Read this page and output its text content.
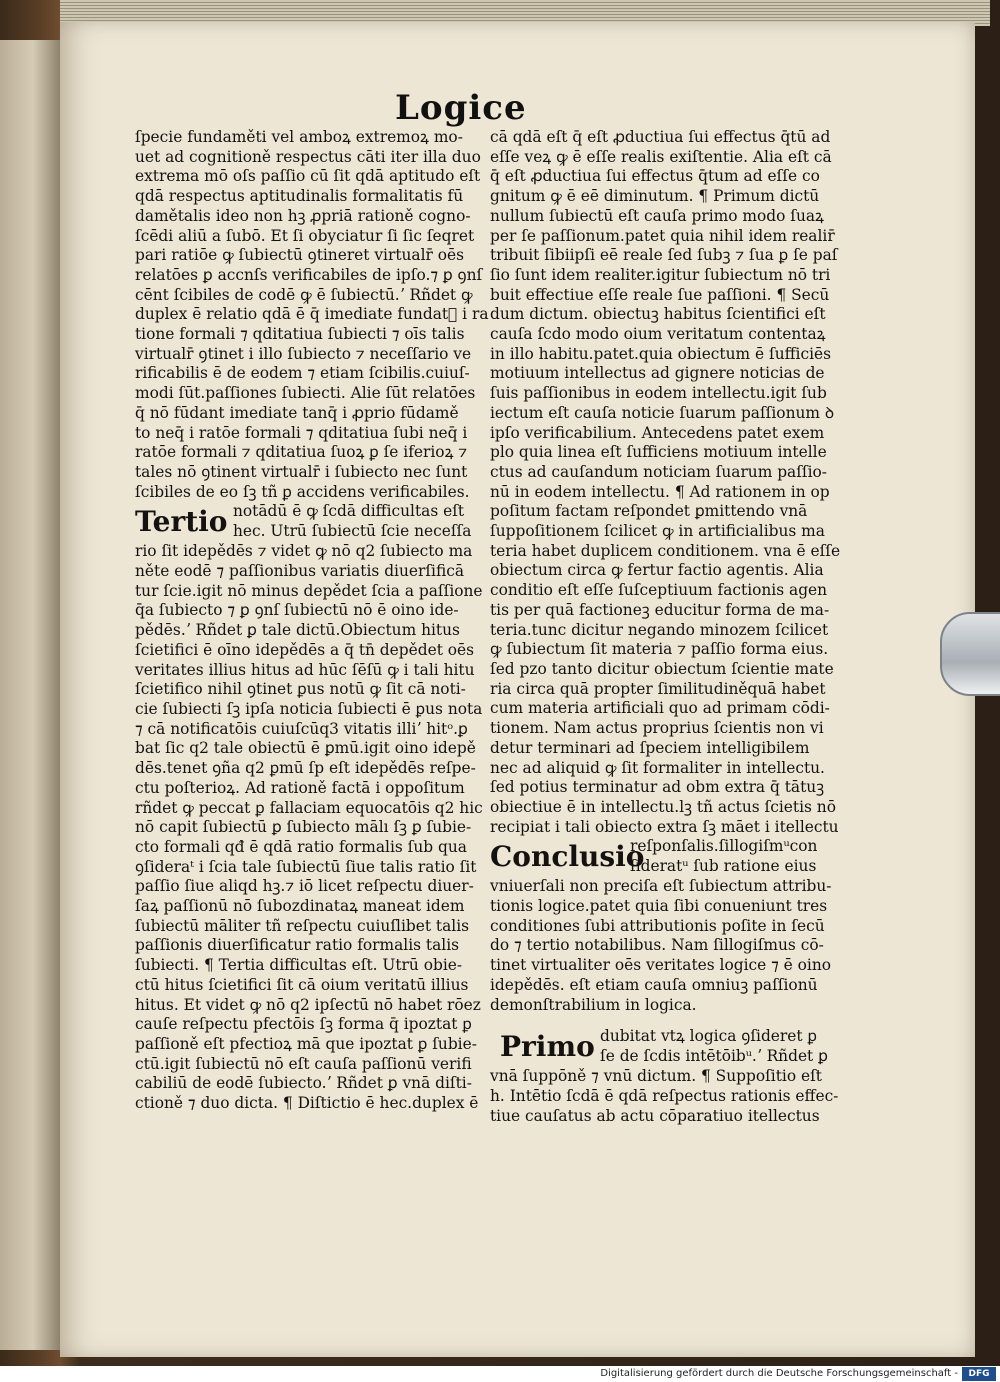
Logice

ſpecie fundaměti vel amboꝝ extremoꝝ mo-

uet ad cognitioně respectus cāti iter illa duo

extrema mō oſs paſſio cū ſit qdā aptitudo eſt

qdā respectus aptitudinalis formalitatis fū

damětalis ideo non hꝫ ꝓpriā rationě cogno-

ſcēdi aliū a ſubō. Et ſi obyciatur ſi ſic ſeqret

pari ratiōe ꝙ ſubiectū ꝯtineret virtualr̄ oēs

relatōes ꝑ accnſs verificabiles de ipſo.⁊ ꝑ ꝯnſ

cēnt ſcibiles de codē ꝙ ē ſubiectū.ʼ Rñdet ꝙ

duplex ē relatio qdā ē q̄ imediate fundatᷓ i ra

tione formali ⁊ qditatiua ſubiecti ⁊ oīs talis

virtualr̄ ꝯtinet i illo ſubiecto ⁊ neceſſario ve

rificabilis ē de eodem ⁊ etiam ſcibilis.cuiuſ-

modi ſūt.paſſiones ſubiecti. Alie ſūt relatōes

q̄ nō fūdant imediate tanq̄ i ꝓprio fūdamě

to neq̄ i ratōe formali ⁊ qditatiua ſubi neq̄ i

ratōe formali ⁊ qditatiua ſuoꝝ ꝑ ſe iferioꝝ ⁊

tales nō ꝯtinent virtualr̄ i ſubiecto nec ſunt

ſcibiles de eo ſꝫ tñ ꝑ accidens verificabiles.

Tertio notādū ē ꝙ ſcdā difficultas eſt

hec. Utrū ſubiectū ſcie neceſſa

rio ſit idepědēs ⁊ videt ꝙ nō q2 ſubiecto ma

něte eodē ⁊ paſſionibus variatis diuerſificā

tur ſcie.igit nō minus depědet ſcia a paſſione

q̄a ſubiecto ⁊ ꝑ ꝯnſ ſubiectū nō ē oino ide-

pědēs.ʼ Rñdet ꝑ tale dictū.Obiectum hitus

ſcietifici ē oīno idepědēs a q̄ tn̄ depědet oēs

veritates illius hitus ad hūc ſēſū ꝙ i tali hitu

ſcietifico nihil ꝯtinet ꝑus notū ꝙ ſit cā noti-

cie ſubiecti ſꝫ ipſa noticia ſubiecti ē ꝑus nota

⁊ cā notificatōis cuiuſcūq3 vitatis illiʼ hitᵒ.ꝑ

bat ſic q2 tale obiectū ē ꝑmū.igit oino idepě

dēs.tenet ꝯña q2 ꝑmū ſp eſt idepědēs reſpe-

ctu poſterioꝝ. Ad rationě factā i oppoſitum

rñdet ꝙ peccat ꝑ fallaciam equocatōis q2 hic

nō capit ſubiectū ꝑ ſubiecto mālı ſꝫ ꝑ ſubie-

cto formali qđ ē qdā ratio formalis ſub qua

ꝯſideraᵗ i ſcia tale ſubiectū ſiue talis ratio ſit

paſſio ſiue aliqd hꝫ.⁊ iō licet reſpectu diuer-

ſaꝝ paſſionū nō ſubozdinataꝝ maneat idem

ſubiectū māliter tñ reſpectu cuiuſlibet talis

paſſionis diuerſificatur ratio formalis talis

ſubiecti. ¶ Tertia difficultas eſt. Utrū obie-

ctū hitus ſcietifici ſit cā oium veritatū illius

hitus. Et videt ꝙ nō q2 ipſectū nō habet rōez

cauſe reſpectu pfectōis ſꝫ forma q̄ ipoztat ꝑ

paſſioně eſt pfectioꝝ mā que ipoztat ꝑ ſubie-

ctū.igit ſubiectū nō eſt cauſa paſſionū verifi

cabiliū de eodē ſubiecto.ʼ Rñdet ꝑ vnā diſti-

ctioně ⁊ duo dicta. ¶ Diſtictio ē hec.duplex ē

cā qdā eſt q̄ eſt ꝓductiua ſui effectus q̄tū ad

eſſe veꝝ ꝙ ē eſſe realis exiſtentie. Alia eſt cā

q̄ eſt ꝓductiua ſui effectus q̄tum ad eſſe co

gnitum ꝙ ē eē diminutum. ¶ Primum dictū

nullum ſubiectū eſt cauſa primo modo ſuaꝝ

per ſe paſſionum.patet quia nihil idem realir̄

tribuit ſibiipſi eē reale ſed ſubꝫ ⁊ ſua ꝑ ſe paſ

ſio ſunt idem realiter.igitur ſubiectum nō tri

buit effectiue eſſe reale ſue paſſioni. ¶ Secū

dum dictum. obiectuꝫ habitus ſcientifici eſt

cauſa ſcdo modo oium veritatum contentaꝝ

in illo habitu.patet.quia obiectum ē ſufficiēs

motiuum intellectus ad gignere noticias de

ſuis paſſionibus in eodem intellectu.igit ſub

iectum eſt cauſa noticie ſuarum paſſionum ꝺ

ipſo verificabilium. Antecedens patet exem

plo quia linea eſt ſufficiens motiuum intelle

ctus ad cauſandum noticiam ſuarum paſſio-

nū in eodem intellectu. ¶ Ad rationem in op

poſitum factam reſpondet ꝑmittendo vnā

ſuppoſitionem ſcilicet ꝙ in artificialibus ma

teria habet duplicem conditionem. vna ē eſſe

obiectum circa ꝙ fertur factio agentis. Alia

conditio eſt eſſe ſuſceptiuum factionis agen

tis per quā factioneꝫ educitur forma de ma-

teria.tunc dicitur negando minozem ſcilicet

ꝙ ſubiectum ſit materia ⁊ paſſio forma eius.

ſed pzo tanto dicitur obiectum ſcientie mate

ria circa quā propter ſimilitudiněquā habet

cum materia artificiali quo ad primam cōdi-

tionem. Nam actus proprius ſcientis non vi

detur terminari ad ſpeciem intelligibilem

nec ad aliquid ꝙ ſit formaliter in intellectu.

ſed potius terminatur ad obm extra q̄ tātuꝫ

obiectiue ē in intellectu.lꝫ tñ actus ſcietis nō

recipiat i tali obiecto extra ſꝫ māet i itellectu

Conclusio

reſponſalis.ſillogiſmᵘcon

ſideratᵘ ſub ratione eius

vniuerſali non preciſa eſt ſubiectum attribu-

tionis logice.patet quia ſibi conueniunt tres

conditiones ſubi attributionis poſite in ſecū

do ⁊ tertio notabilibus. Nam ſillogiſmus cō-

tinet virtualiter oēs veritates logice ⁊ ē oino

idepědēs. eſt etiam cauſa omniuꝫ paſſionū

demonſtrabilium in logica.

Primo dubitat vtꝝ logica ꝯſideret ꝑ

ſe de ſcdis intētōibᵘ.ʼ Rñdet ꝑ

vnā ſuppōně ⁊ vnū dictum. ¶ Suppoſitio eſt

h. Intētio ſcdā ē qdā reſpectus rationis effec-

tiue cauſatus ab actu cōparatiuo itellectus

Digitalisierung gefördert durch die Deutsche Forschungsgemeinschaft -	DFG
